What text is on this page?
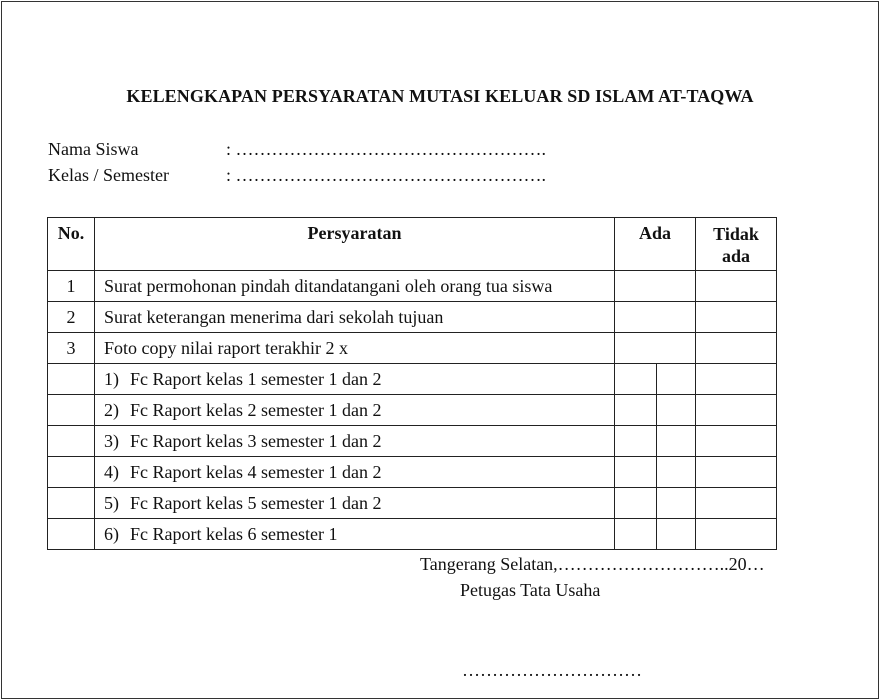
KELENGKAPAN PERSYARATAN MUTASI KELUAR SD ISLAM AT-TAQWA
Nama Siswa	: …………………………………………….
Kelas / Semester	: …………………………………………….
No.	Persyaratan	Ada		Tidak
ada
1	Surat permohonan pindah ditandatangani oleh orang tua siswa			
2	Surat keterangan menerima dari sekolah tujuan			
3	Foto copy nilai raport terakhir 2 x			
	1) Fc Raport kelas 1 semester 1 dan 2			
	2) Fc Raport kelas 2 semester 1 dan 2			
	3) Fc Raport kelas 3 semester 1 dan 2			
	4) Fc Raport kelas 4 semester 1 dan 2			
	5) Fc Raport kelas 5 semester 1 dan 2			
	6) Fc Raport kelas 6 semester 1			
Tangerang Selatan,………………………..20…
Petugas Tata Usaha
…………………………
